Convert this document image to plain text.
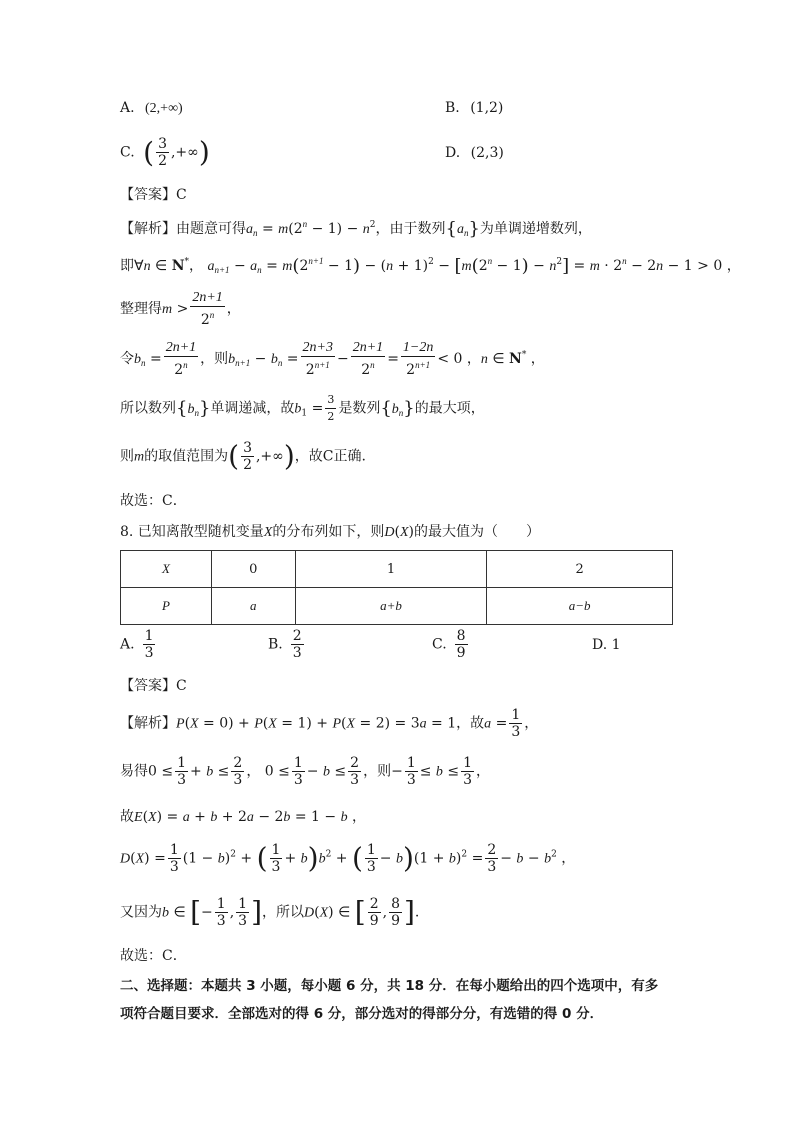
A. (2,+∞)	B. (1,2)
C. ( $\frac{3}{2}$ ,+∞)	D. (2,3)
【答案】C
【解析】由题意可得$a_n = m(2^n - 1) - n^2$，由于数列$\{a_n\}$为单调递增数列，
即∀n ∈ N*， $a_{n+1} - a_n = m(2^{n+1} - 1) - (n + 1)^2 - [m(2^n - 1) - n^2] = m \cdot 2^n - 2n - 1 > 0$ ，
整理得$m > \frac{2n+1}{2^n}$ ，
令$b_n = \frac{2n+1}{2^n}$ ，则$b_{n+1} - b_n = \frac{2n+3}{2^{n+1}} - \frac{2n+1}{2^n} = \frac{1-2n}{2^{n+1}} < 0$ ，n ∈ N* ，
所以数列$\{b_n\}$单调递减，故$b_1 = \frac{3}{2}$ 是数列$\{b_n\}$的最大项，
则m的取值范围为( $\frac{3}{2}$ ,+∞)，故C正确.
故选：C．
8. 已知离散型随机变量X的分布列如下，则D(X)的最大值为（　　）
X	0	1	2
P	a	a+b	a−b
A. $\frac{1}{3}$	B. $\frac{2}{3}$	C. $\frac{8}{9}$	D. 1
【答案】C
【解析】P(X = 0) + P(X = 1) + P(X = 2) = 3a = 1，故$a = \frac{1}{3}$ ，
易得$0 \le \frac{1}{3} + b \le \frac{2}{3}$ ， $0 \le \frac{1}{3} - b \le \frac{2}{3}$ ，则− $\frac{1}{3} \le b \le \frac{1}{3}$ ，
故E(X) = a + b + 2a − 2b = 1 − b ，
$D(X) = \frac{1}{3} (1 - b)^2$ + ( $\frac{1}{3} + b)b^2$ + ( $\frac{1}{3} - b)(1 + b)^2 = \frac{2}{3} - b - b^2$ ，
又因为b ∈ [− $\frac{1}{3}$ , $\frac{1}{3}$ ]，所以D(X) ∈ [ $\frac{2}{9}$ , $\frac{8}{9}$ ].
故选：C．
二、选择题：本题共 3 小题，每小题 6 分，共 18 分．在每小题给出的四个选项中，有多
项符合题目要求．全部选对的得 6 分，部分选对的得部分分，有选错的得 0 分．
